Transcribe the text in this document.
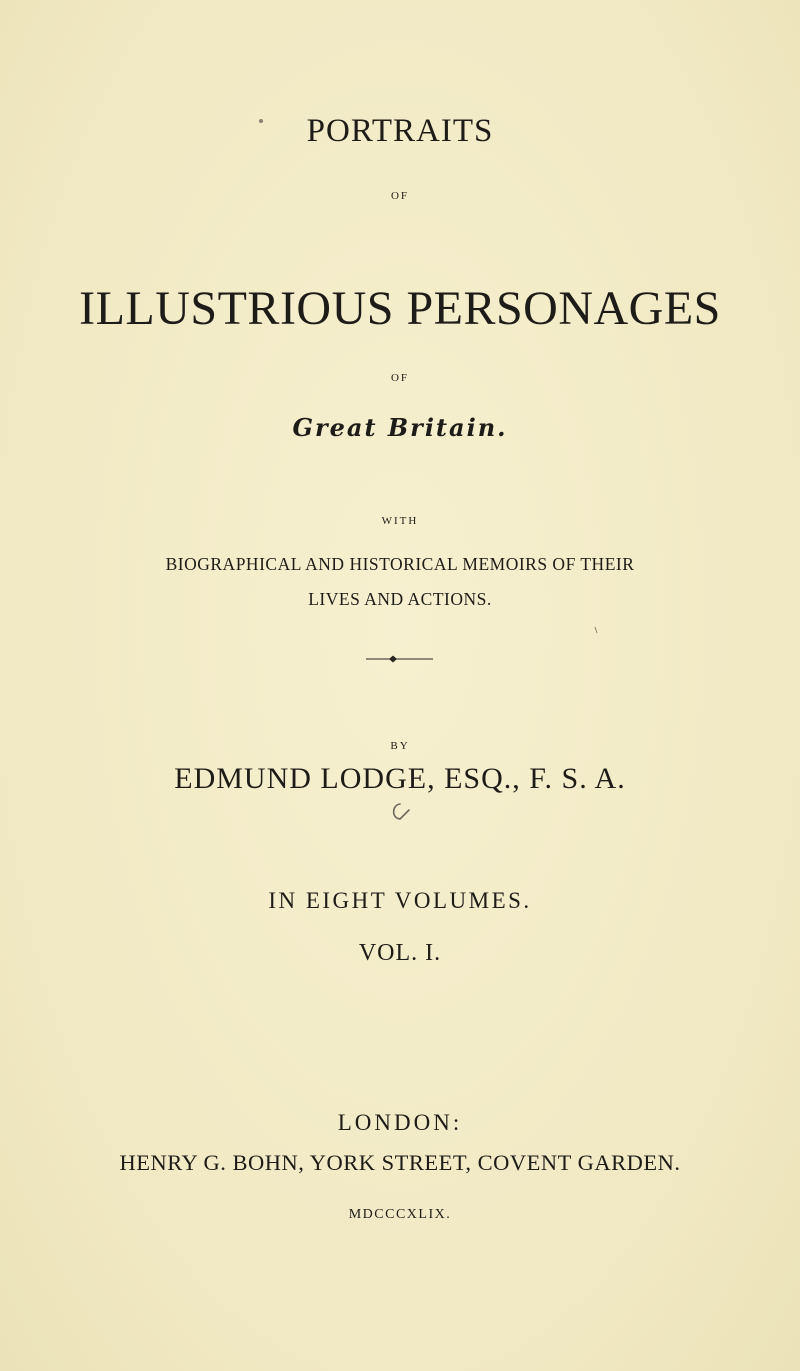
PORTRAITS
OF
ILLUSTRIOUS PERSONAGES
OF
Great Britain.
WITH
BIOGRAPHICAL AND HISTORICAL MEMOIRS OF THEIR
LIVES AND ACTIONS.
BY
EDMUND LODGE, ESQ., F. S. A.
IN EIGHT VOLUMES.
VOL. I.
LONDON:
HENRY G. BOHN, YORK STREET, COVENT GARDEN.
MDCCCXLIX.
